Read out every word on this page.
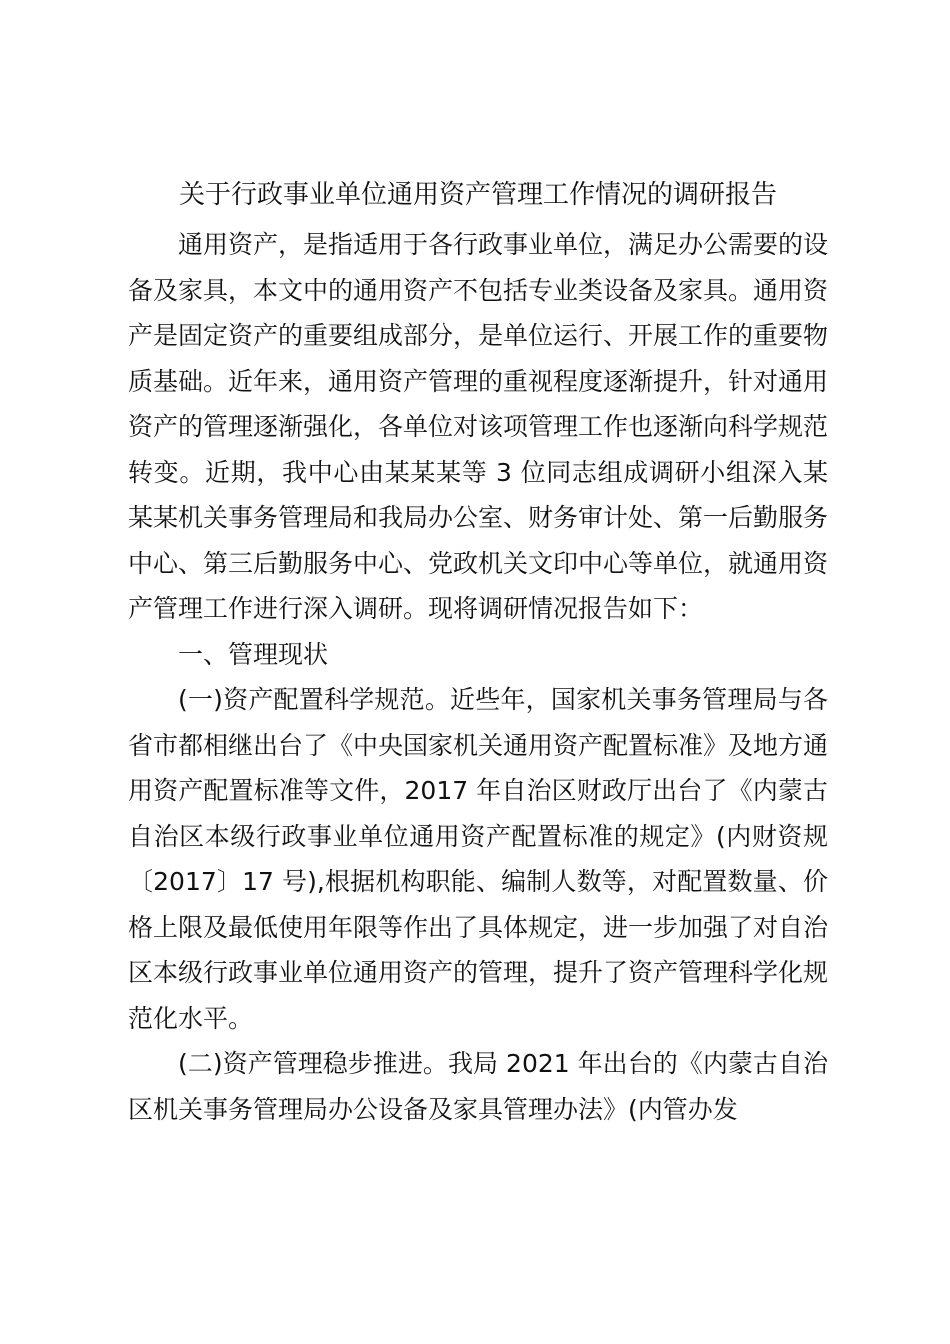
关于行政事业单位通用资产管理工作情况的调研报告

通用资产，是指适用于各行政事业单位，满足办公需要的设备及家具，本文中的通用资产不包括专业类设备及家具。通用资产是固定资产的重要组成部分，是单位运行、开展工作的重要物质基础。近年来，通用资产管理的重视程度逐渐提升，针对通用资产的管理逐渐强化，各单位对该项管理工作也逐渐向科学规范转变。近期，我中心由某某某等 3 位同志组成调研小组深入某某某机关事务管理局和我局办公室、财务审计处、第一后勤服务中心、第三后勤服务中心、党政机关文印中心等单位，就通用资产管理工作进行深入调研。现将调研情况报告如下：

一、管理现状

(一)资产配置科学规范。近些年，国家机关事务管理局与各省市都相继出台了《中央国家机关通用资产配置标准》及地方通用资产配置标准等文件，2017 年自治区财政厅出台了《内蒙古自治区本级行政事业单位通用资产配置标准的规定》(内财资规〔2017〕17 号),根据机构职能、编制人数等，对配置数量、价格上限及最低使用年限等作出了具体规定，进一步加强了对自治区本级行政事业单位通用资产的管理，提升了资产管理科学化规范化水平。

(二)资产管理稳步推进。我局 2021 年出台的《内蒙古自治区机关事务管理局办公设备及家具管理办法》(内管办发
